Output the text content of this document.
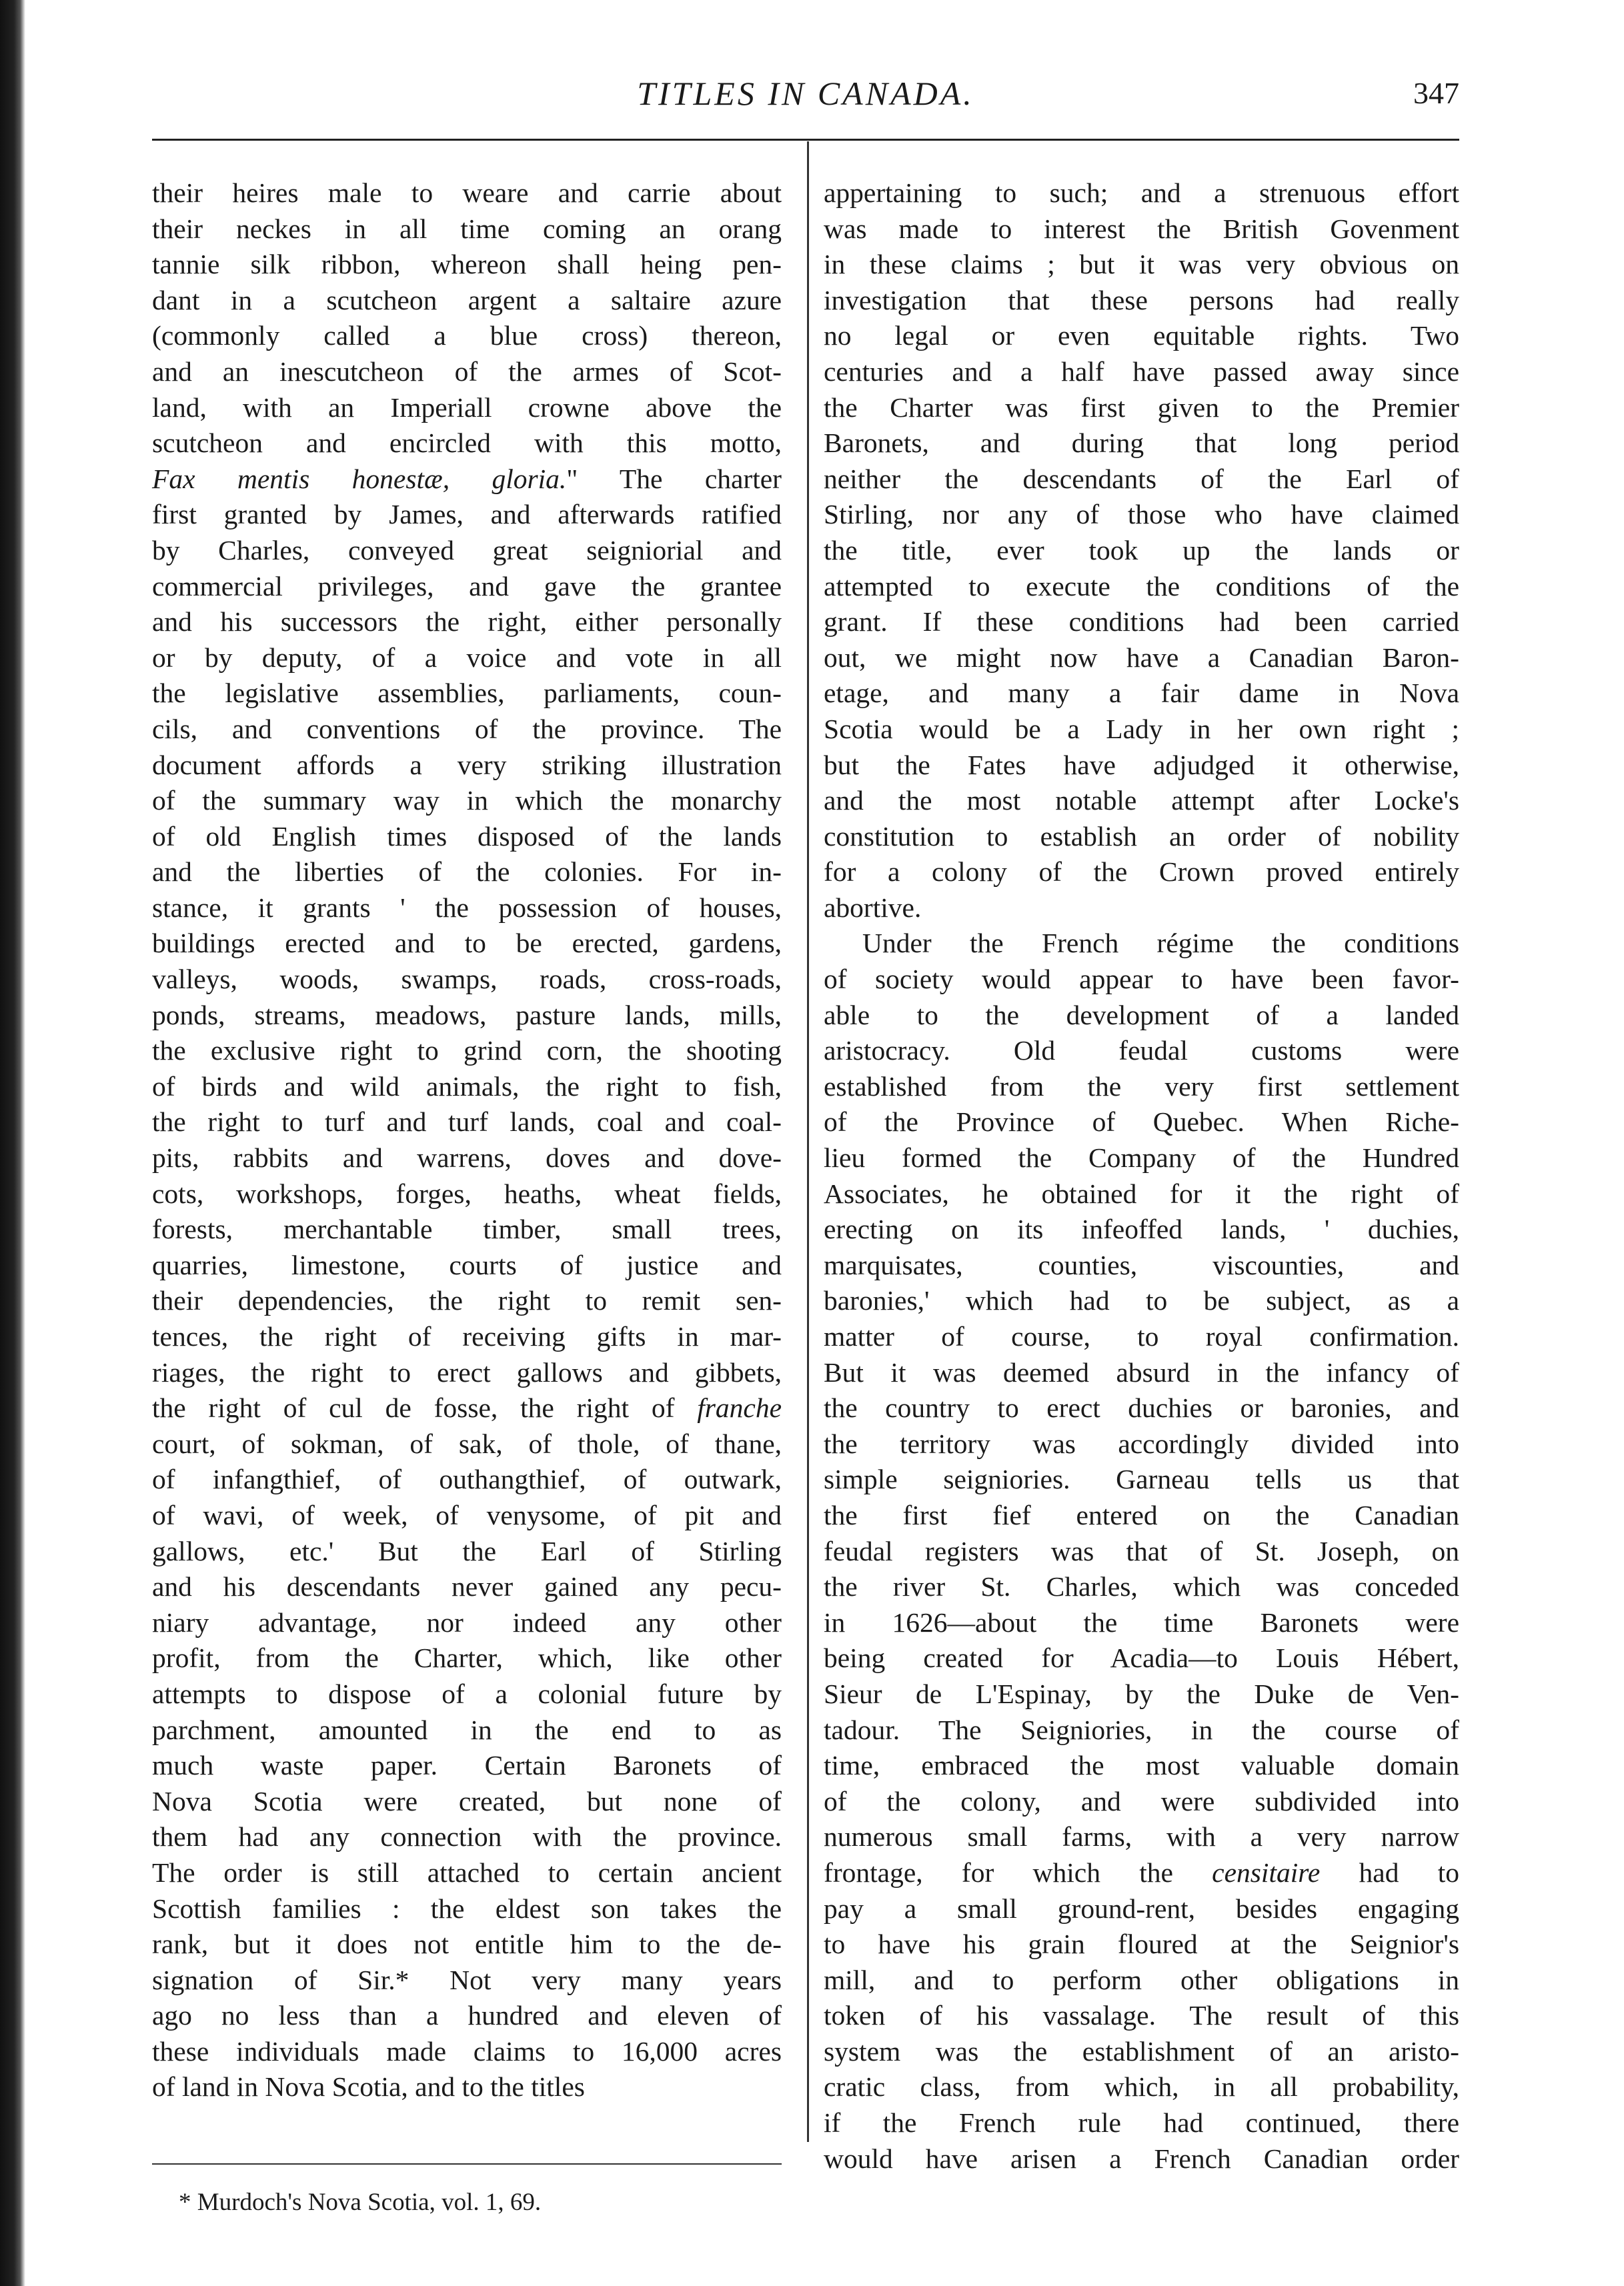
TITLES IN CANADA.	347
their heires male to weare and carrie about
their neckes in all time coming an orang
tannie silk ribbon, whereon shall heing pen-
dant in a scutcheon argent a saltaire azure
(commonly called a blue cross) thereon,
and an inescutcheon of the armes of Scot-
land, with an Imperiall crowne above the
scutcheon and encircled with this motto,
Fax mentis honestæ, gloria." The charter
first granted by James, and afterwards ratified
by Charles, conveyed great seigniorial and
commercial privileges, and gave the grantee
and his successors the right, either personally
or by deputy, of a voice and vote in all
the legislative assemblies, parliaments, coun-
cils, and conventions of the province. The
document affords a very striking illustration
of the summary way in which the monarchy
of old English times disposed of the lands
and the liberties of the colonies. For in-
stance, it grants ' the possession of houses,
buildings erected and to be erected, gardens,
valleys, woods, swamps, roads, cross-roads,
ponds, streams, meadows, pasture lands, mills,
the exclusive right to grind corn, the shooting
of birds and wild animals, the right to fish,
the right to turf and turf lands, coal and coal-
pits, rabbits and warrens, doves and dove-
cots, workshops, forges, heaths, wheat fields,
forests, merchantable timber, small trees,
quarries, limestone, courts of justice and
their dependencies, the right to remit sen-
tences, the right of receiving gifts in mar-
riages, the right to erect gallows and gibbets,
the right of cul de fosse, the right of franche
court, of sokman, of sak, of thole, of thane,
of infangthief, of outhangthief, of outwark,
of wavi, of week, of venysome, of pit and
gallows, etc.' But the Earl of Stirling
and his descendants never gained any pecu-
niary advantage, nor indeed any other
profit, from the Charter, which, like other
attempts to dispose of a colonial future by
parchment, amounted in the end to as
much waste paper. Certain Baronets of
Nova Scotia were created, but none of
them had any connection with the province.
The order is still attached to certain ancient
Scottish families : the eldest son takes the
rank, but it does not entitle him to the de-
signation of Sir.* Not very many years
ago no less than a hundred and eleven of
these individuals made claims to 16,000 acres
of land in Nova Scotia, and to the titles
appertaining to such; and a strenuous effort
was made to interest the British Govenment
in these claims ; but it was very obvious on
investigation that these persons had really
no legal or even equitable rights. Two
centuries and a half have passed away since
the Charter was first given to the Premier
Baronets, and during that long period
neither the descendants of the Earl of
Stirling, nor any of those who have claimed
the title, ever took up the lands or
attempted to execute the conditions of the
grant. If these conditions had been carried
out, we might now have a Canadian Baron-
etage, and many a fair dame in Nova
Scotia would be a Lady in her own right ;
but the Fates have adjudged it otherwise,
and the most notable attempt after Locke's
constitution to establish an order of nobility
for a colony of the Crown proved entirely
abortive.
Under the French régime the conditions
of society would appear to have been favor-
able to the development of a landed
aristocracy. Old feudal customs were
established from the very first settlement
of the Province of Quebec. When Riche-
lieu formed the Company of the Hundred
Associates, he obtained for it the right of
erecting on its infeoffed lands, ' duchies,
marquisates, counties, viscounties, and
baronies,' which had to be subject, as a
matter of course, to royal confirmation.
But it was deemed absurd in the infancy of
the country to erect duchies or baronies, and
the territory was accordingly divided into
simple seigniories. Garneau tells us that
the first fief entered on the Canadian
feudal registers was that of St. Joseph, on
the river St. Charles, which was conceded
in 1626—about the time Baronets were
being created for Acadia—to Louis Hébert,
Sieur de L'Espinay, by the Duke de Ven-
tadour. The Seigniories, in the course of
time, embraced the most valuable domain
of the colony, and were subdivided into
numerous small farms, with a very narrow
frontage, for which the censitaire had to
pay a small ground-rent, besides engaging
to have his grain floured at the Seignior's
mill, and to perform other obligations in
token of his vassalage. The result of this
system was the establishment of an aristo-
cratic class, from which, in all probability,
if the French rule had continued, there
would have arisen a French Canadian order
* Murdoch's Nova Scotia, vol. 1, 69.
